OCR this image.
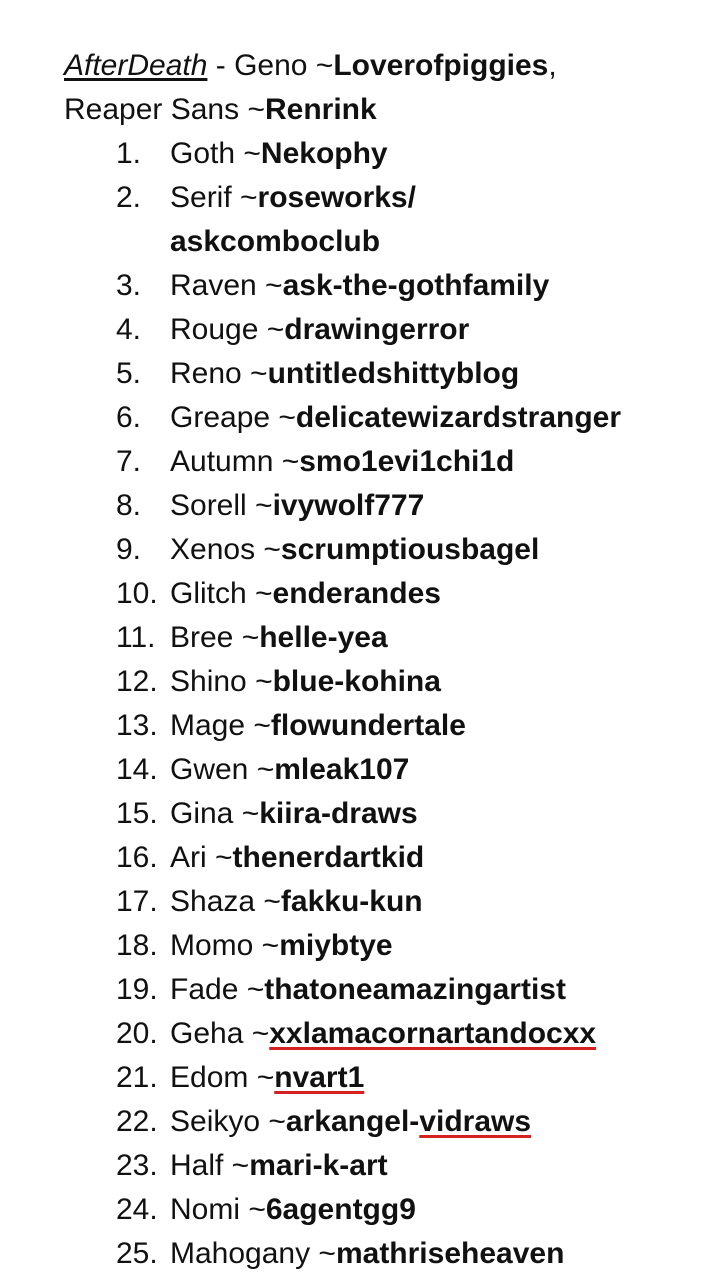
AfterDeath - Geno ~Loverofpiggies,
Reaper Sans ~Renrink
1. Goth ~Nekophy
2. Serif ~roseworks/
askcomboclub
3. Raven ~ask-the-gothfamily
4. Rouge ~drawingerror
5. Reno ~untitledshittyblog
6. Greape ~delicatewizardstranger
7. Autumn ~smo1evi1chi1d
8. Sorell ~ivywolf777
9. Xenos ~scrumptiousbagel
10. Glitch ~enderandes
11. Bree ~helle-yea
12. Shino ~blue-kohina
13. Mage ~flowundertale
14. Gwen ~mleak107
15. Gina ~kiira-draws
16. Ari ~thenerdartkid
17. Shaza ~fakku-kun
18. Momo ~miybtye
19. Fade ~thatoneamazingartist
20. Geha ~xxlamacornartandocxx
21. Edom ~nvart1
22. Seikyo ~arkangel-vidraws
23. Half ~mari-k-art
24. Nomi ~6agentgg9
25. Mahogany ~mathriseheaven
